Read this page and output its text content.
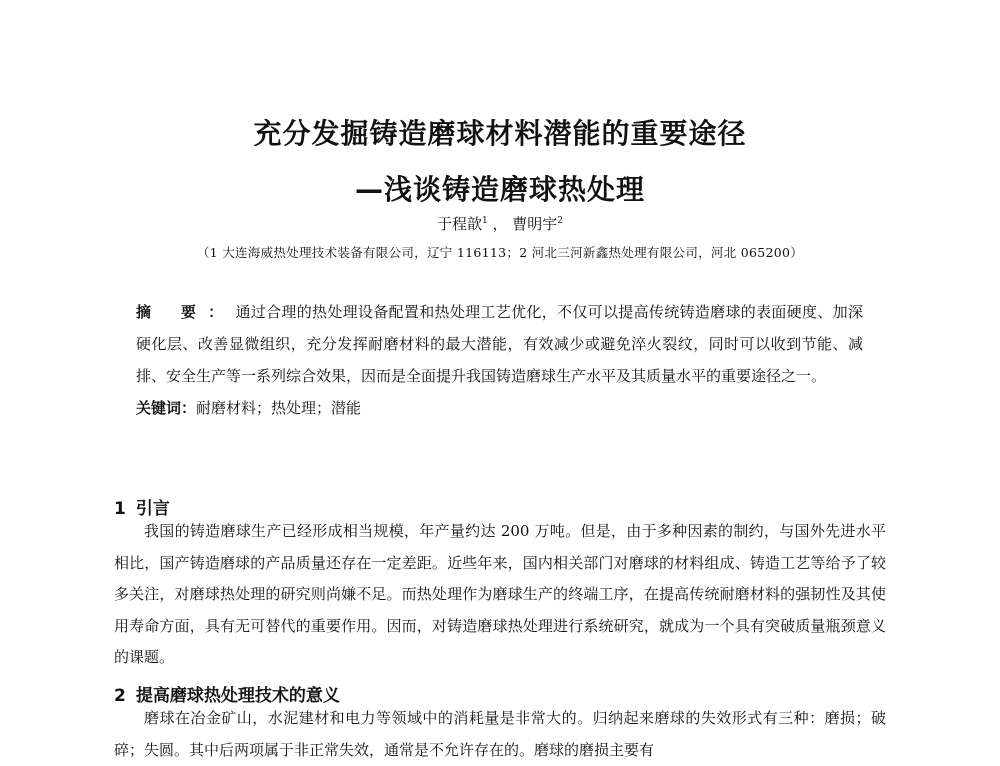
充分发掘铸造磨球材料潜能的重要途径
—浅谈铸造磨球热处理
于程歆$^1$ ， 曹明宇$^2$
（1 大连海威热处理技术装备有限公司，辽宁 116113；2 河北三河新鑫热处理有限公司，河北 065200）

摘 要：通过合理的热处理设备配置和热处理工艺优化，不仅可以提高传统铸造磨球的表面硬度、加深硬化层、改善显微组织，充分发挥耐磨材料的最大潜能，有效减少或避免淬火裂纹，同时可以收到节能、减排、安全生产等一系列综合效果，因而是全面提升我国铸造磨球生产水平及其质量水平的重要途径之一。

关键词：耐磨材料；热处理；潜能

1 引言

我国的铸造磨球生产已经形成相当规模，年产量约达 200 万吨。但是，由于多种因素的制约，与国外先进水平相比，国产铸造磨球的产品质量还存在一定差距。近些年来，国内相关部门对磨球的材料组成、铸造工艺等给予了较多关注，对磨球热处理的研究则尚嫌不足。而热处理作为磨球生产的终端工序，在提高传统耐磨材料的强韧性及其使用寿命方面，具有无可替代的重要作用。因而，对铸造磨球热处理进行系统研究，就成为一个具有突破质量瓶颈意义的课题。

2 提高磨球热处理技术的意义

磨球在冶金矿山，水泥建材和电力等领域中的消耗量是非常大的。归纳起来磨球的失效形式有三种：磨损；破碎；失圆。其中后两项属于非正常失效，通常是不允许存在的。磨球的磨损主要有
